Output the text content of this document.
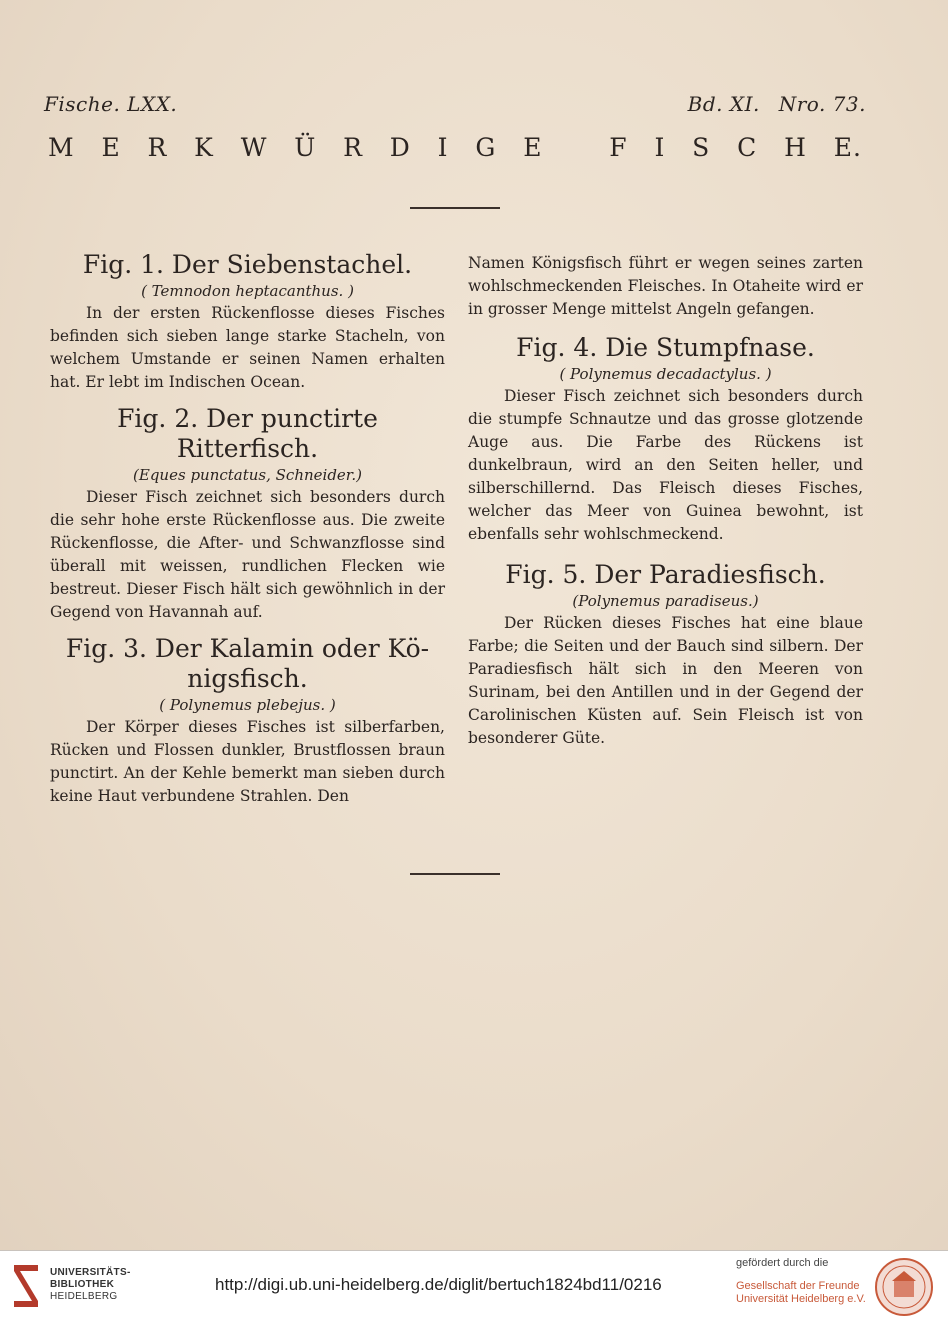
Fische. LXX.	Bd. XI. Nro. 73.
M E R K W Ü R D I G E	F I S C H E.

Fig. 1. Der Siebenstachel.

( Temnodon heptacanthus. )

In der ersten Rückenflosse dieses Fisches befinden sich sieben lange starke Stacheln, von welchem Umstande er seinen Namen erhalten hat. Er lebt im Indischen Ocean.

Fig. 2. Der punctirte Ritterfisch.

(Eques punctatus, Schneider.)

Dieser Fisch zeichnet sich besonders durch die sehr hohe erste Rückenflosse aus. Die zweite Rückenflosse, die After- und Schwanzflosse sind überall mit weissen, rundlichen Flecken wie bestreut. Dieser Fisch hält sich gewöhnlich in der Gegend von Havannah auf.

Fig. 3. Der Kalamin oder Kö-

nigsfisch.

( Polynemus plebejus. )

Der Körper dieses Fisches ist silberfarben, Rücken und Flossen dunkler, Brustflossen braun punctirt. An der Kehle bemerkt man sieben durch keine Haut verbundene Strahlen. Den

Namen Königsfisch führt er wegen seines zarten wohlschmeckenden Fleisches. In Otaheite wird er in grosser Menge mittelst Angeln gefangen.

Fig. 4. Die Stumpfnase.

( Polynemus decadactylus. )

Dieser Fisch zeichnet sich besonders durch die stumpfe Schnautze und das grosse glotzende Auge aus. Die Farbe des Rückens ist dunkelbraun, wird an den Seiten heller, und silberschillernd. Das Fleisch dieses Fisches, welcher das Meer von Guinea bewohnt, ist ebenfalls sehr wohlschmeckend.

Fig. 5. Der Paradiesfisch.

(Polynemus paradiseus.)

Der Rücken dieses Fisches hat eine blaue Farbe; die Seiten und der Bauch sind silbern. Der Paradiesfisch hält sich in den Meeren von Surinam, bei den Antillen und in der Gegend der Carolinischen Küsten auf. Sein Fleisch ist von besonderer Güte.

UNIVERSITÄTS-
BIBLIOTHEK
HEIDELBERG
http://digi.ub.uni-heidelberg.de/diglit/bertuch1824bd11/0216
gefördert durch die
Gesellschaft der Freunde
Universität Heidelberg e.V.
